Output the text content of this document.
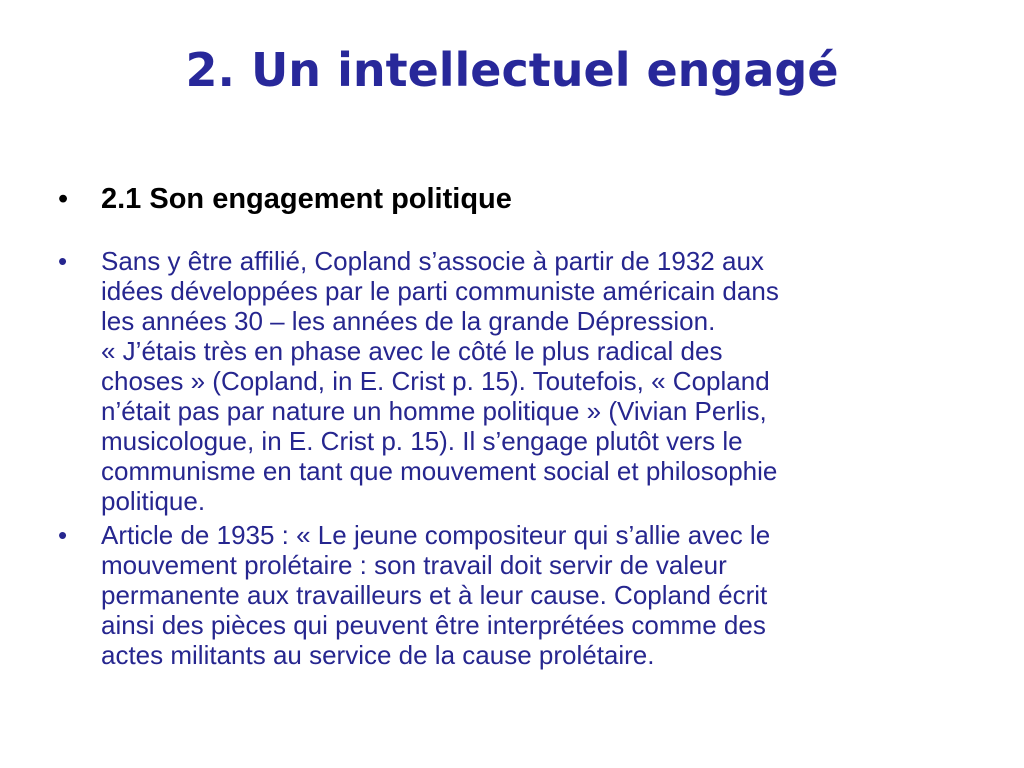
2. Un intellectuel engagé
• 2.1 Son engagement politique
• Sans y être affilié, Copland s’associe à partir de 1932 aux
idées développées par le parti communiste américain dans
les années 30 – les années de la grande Dépression.
« J’étais très en phase avec le côté le plus radical des
choses » (Copland, in E. Crist p. 15). Toutefois, « Copland
n’était pas par nature un homme politique » (Vivian Perlis,
musicologue, in E. Crist p. 15). Il s’engage plutôt vers le
communisme en tant que mouvement social et philosophie
politique.
• Article de 1935 : « Le jeune compositeur qui s’allie avec le
mouvement prolétaire : son travail doit servir de valeur
permanente aux travailleurs et à leur cause. Copland écrit
ainsi des pièces qui peuvent être interprétées comme des
actes militants au service de la cause prolétaire.
